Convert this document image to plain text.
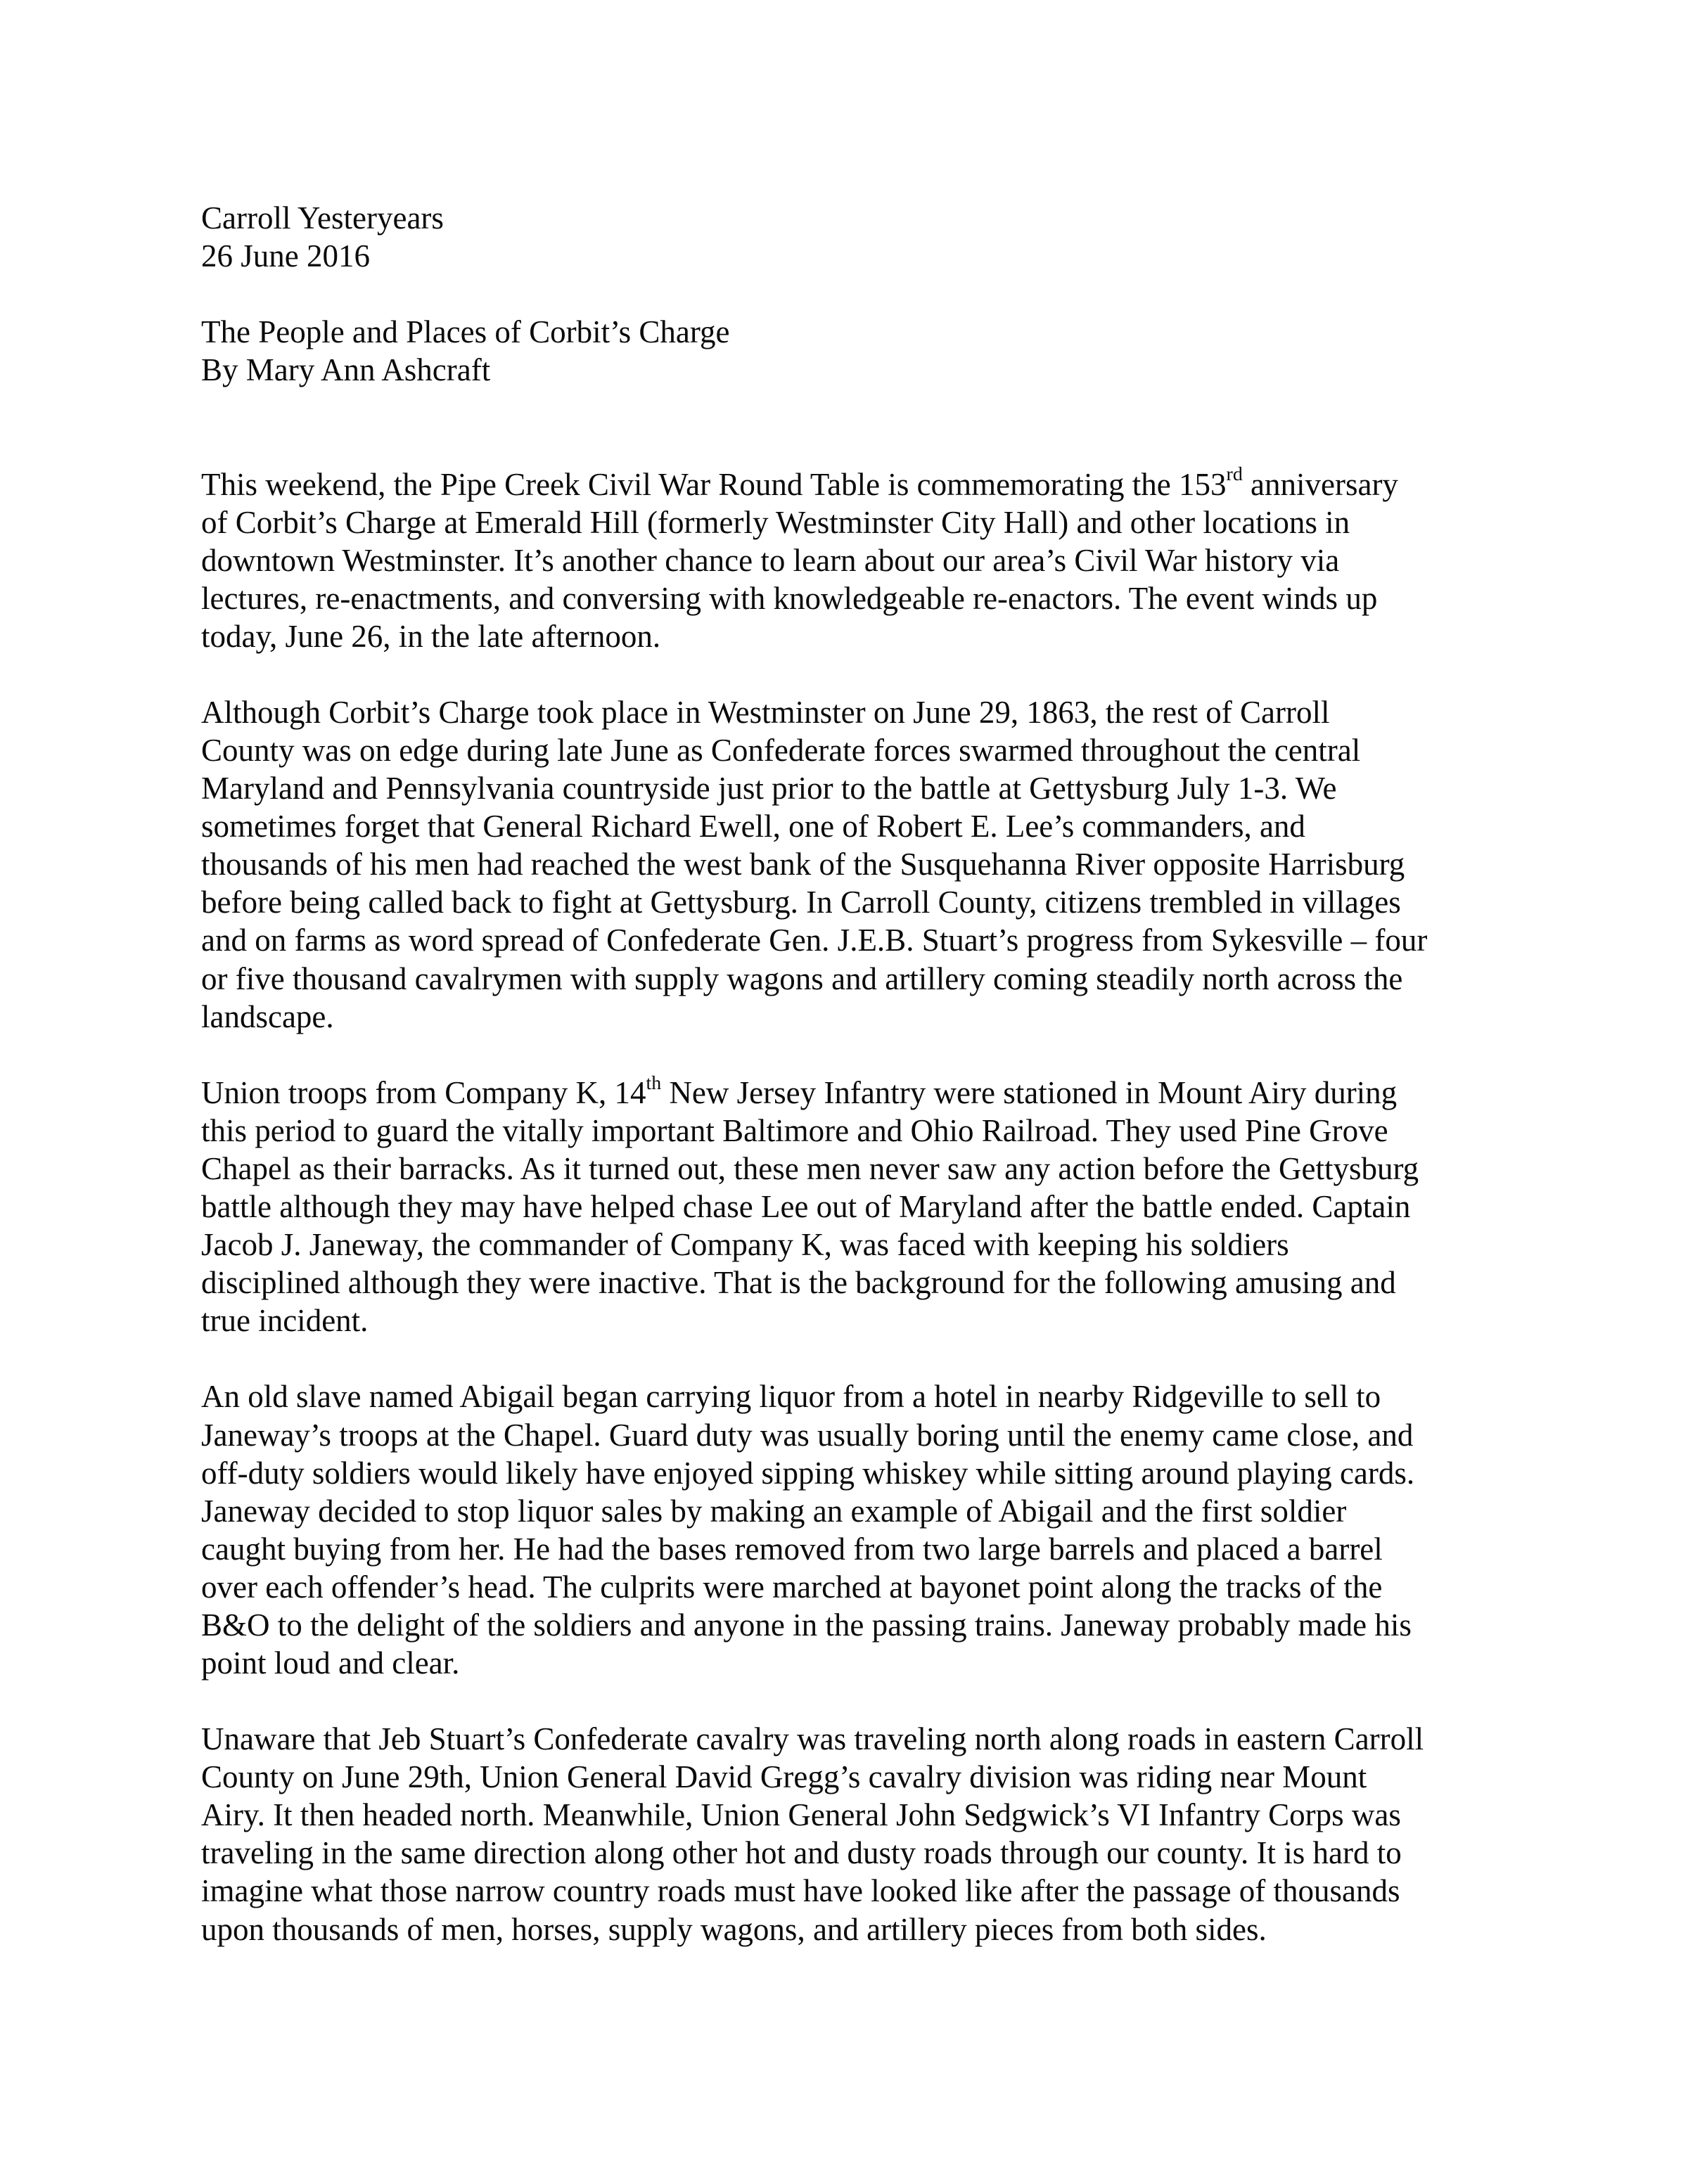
Carroll Yesteryears
26 June 2016
The People and Places of Corbit’s Charge
By Mary Ann Ashcraft
This weekend, the Pipe Creek Civil War Round Table is commemorating the 153rd anniversary
of Corbit’s Charge at Emerald Hill (formerly Westminster City Hall) and other locations in
downtown Westminster. It’s another chance to learn about our area’s Civil War history via
lectures, re-enactments, and conversing with knowledgeable re-enactors. The event winds up
today, June 26, in the late afternoon.
Although Corbit’s Charge took place in Westminster on June 29, 1863, the rest of Carroll
County was on edge during late June as Confederate forces swarmed throughout the central
Maryland and Pennsylvania countryside just prior to the battle at Gettysburg July 1-3. We
sometimes forget that General Richard Ewell, one of Robert E. Lee’s commanders, and
thousands of his men had reached the west bank of the Susquehanna River opposite Harrisburg
before being called back to fight at Gettysburg. In Carroll County, citizens trembled in villages
and on farms as word spread of Confederate Gen. J.E.B. Stuart’s progress from Sykesville – four
or five thousand cavalrymen with supply wagons and artillery coming steadily north across the
landscape.
Union troops from Company K, 14th New Jersey Infantry were stationed in Mount Airy during
this period to guard the vitally important Baltimore and Ohio Railroad. They used Pine Grove
Chapel as their barracks. As it turned out, these men never saw any action before the Gettysburg
battle although they may have helped chase Lee out of Maryland after the battle ended. Captain
Jacob J. Janeway, the commander of Company K, was faced with keeping his soldiers
disciplined although they were inactive. That is the background for the following amusing and
true incident.
An old slave named Abigail began carrying liquor from a hotel in nearby Ridgeville to sell to
Janeway’s troops at the Chapel. Guard duty was usually boring until the enemy came close, and
off-duty soldiers would likely have enjoyed sipping whiskey while sitting around playing cards.
Janeway decided to stop liquor sales by making an example of Abigail and the first soldier
caught buying from her. He had the bases removed from two large barrels and placed a barrel
over each offender’s head. The culprits were marched at bayonet point along the tracks of the
B&O to the delight of the soldiers and anyone in the passing trains. Janeway probably made his
point loud and clear.
Unaware that Jeb Stuart’s Confederate cavalry was traveling north along roads in eastern Carroll
County on June 29th, Union General David Gregg’s cavalry division was riding near Mount
Airy. It then headed north. Meanwhile, Union General John Sedgwick’s VI Infantry Corps was
traveling in the same direction along other hot and dusty roads through our county. It is hard to
imagine what those narrow country roads must have looked like after the passage of thousands
upon thousands of men, horses, supply wagons, and artillery pieces from both sides.
